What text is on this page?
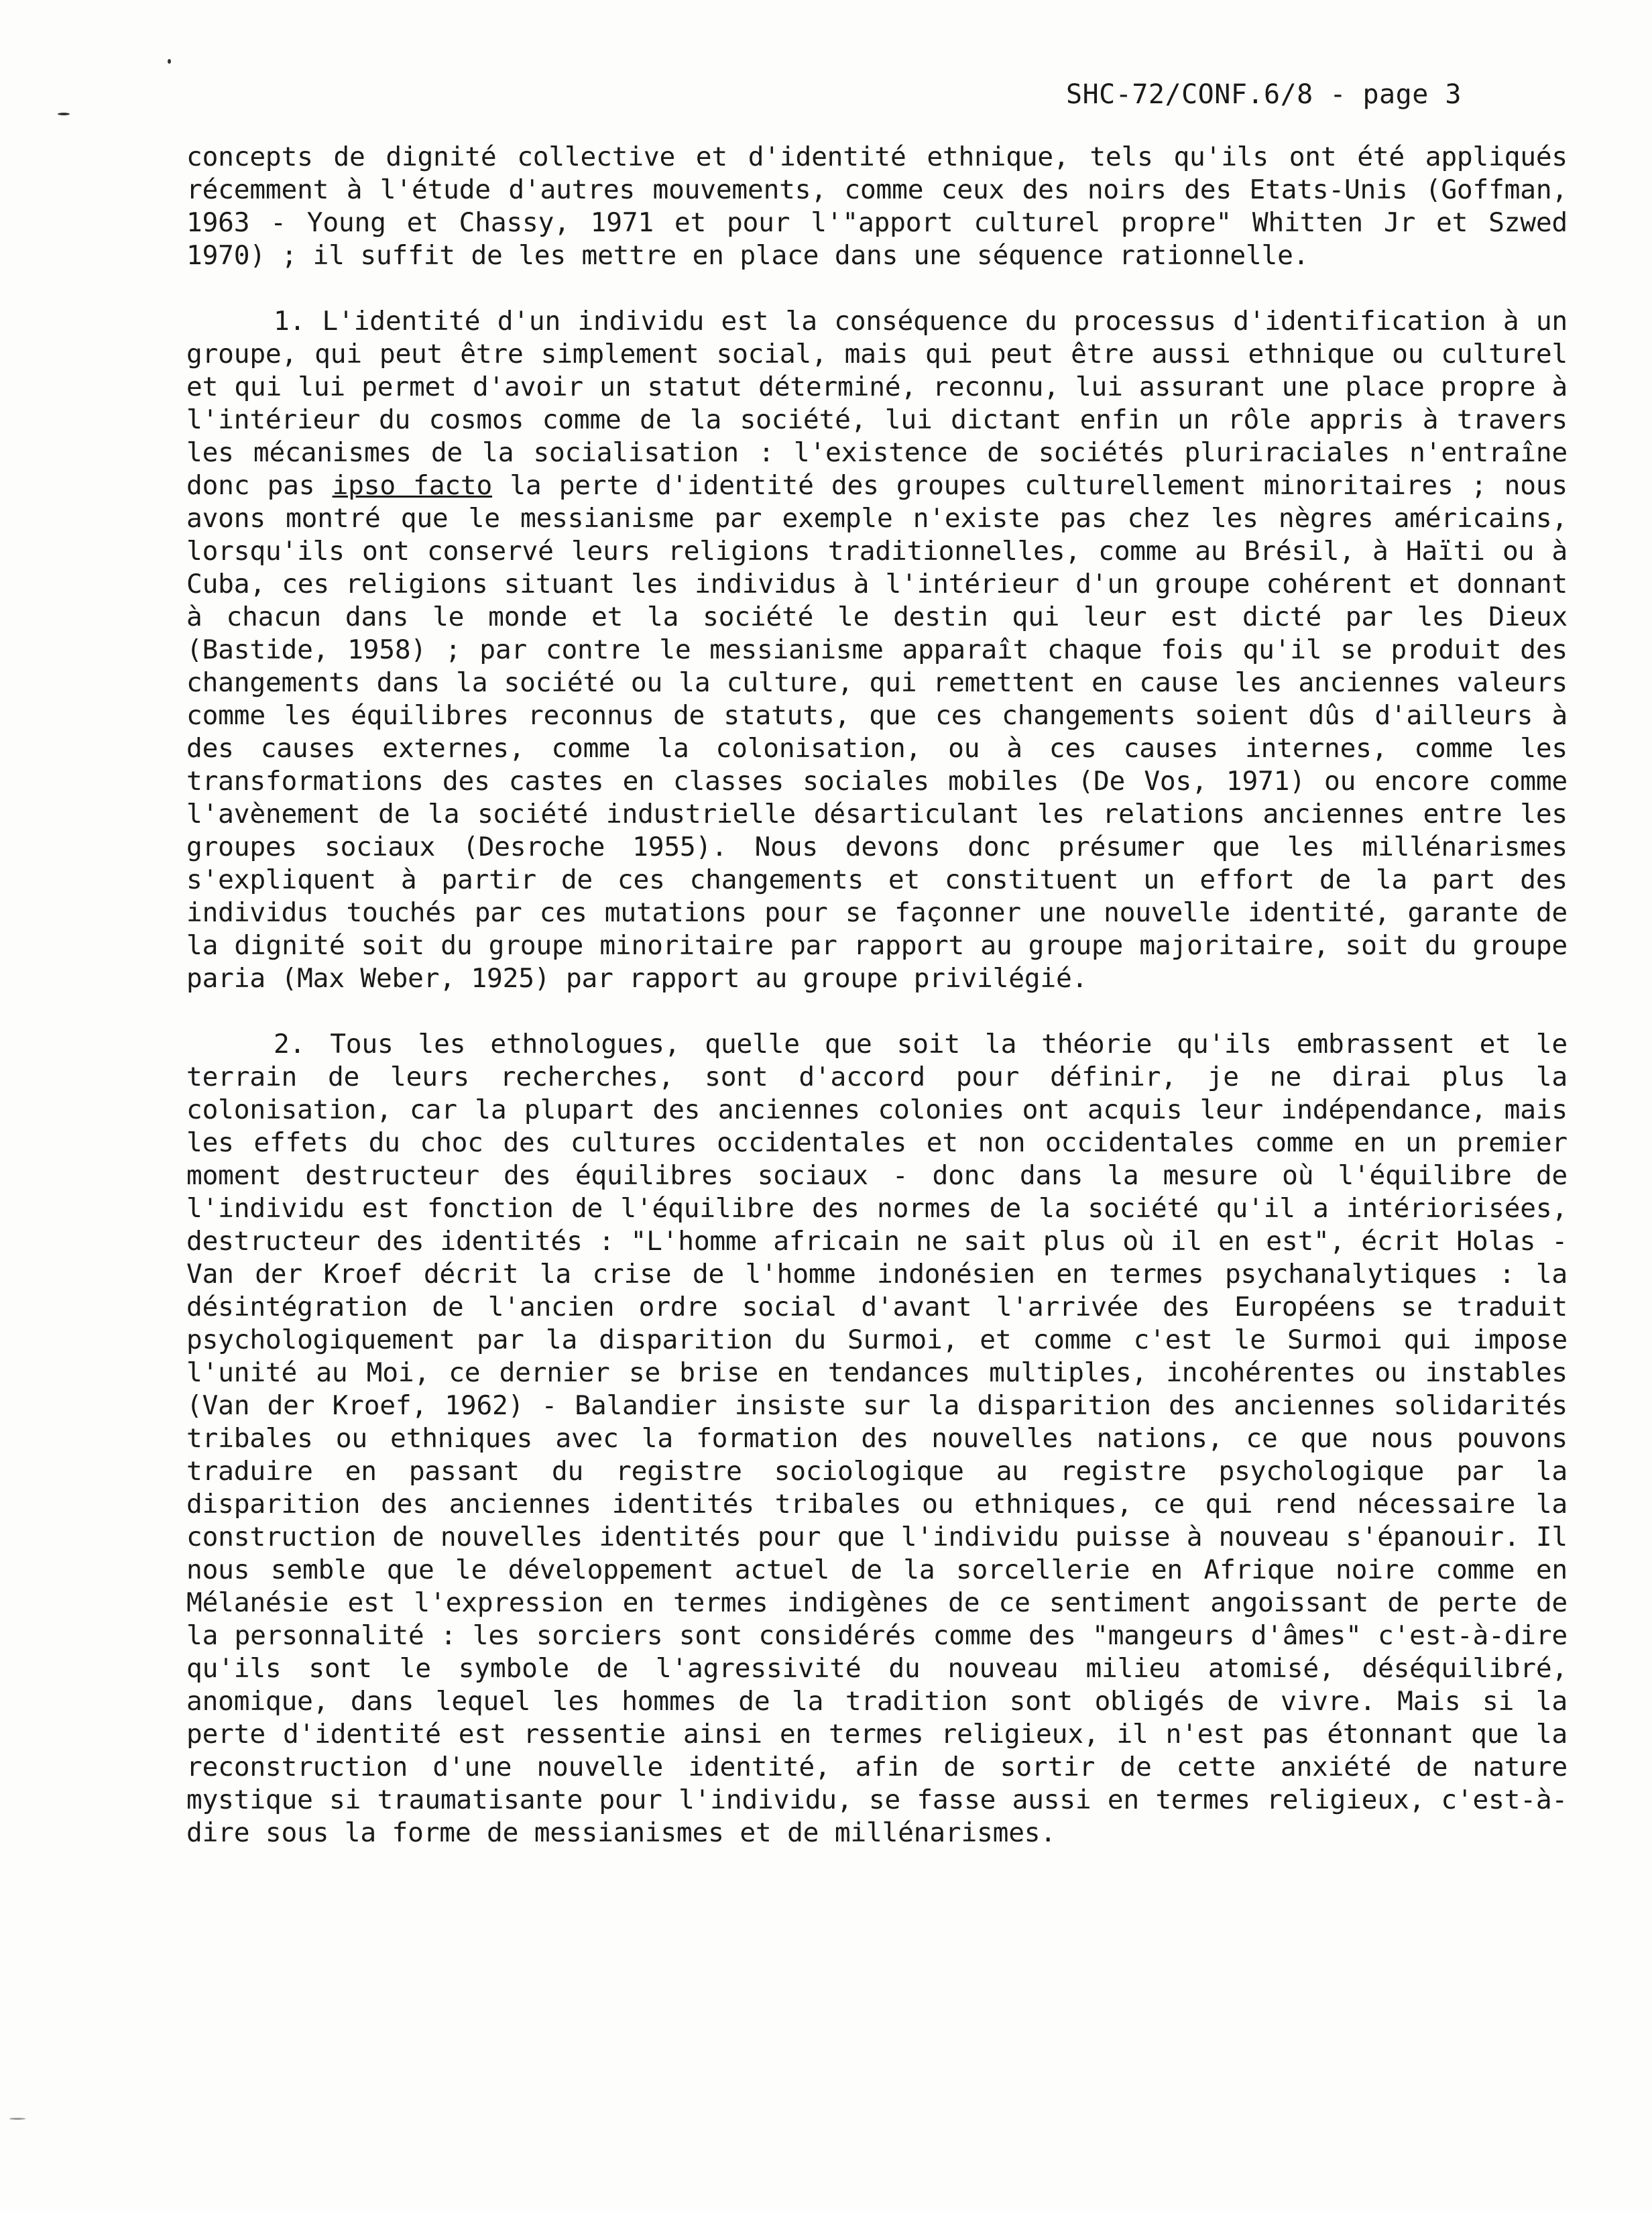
SHC-72/CONF.6/8 - page 3

concepts de dignité collective et d'identité ethnique, tels qu'ils ont été appliqués récemment à l'étude d'autres mouvements, comme ceux des noirs des Etats-Unis (Goffman, 1963 - Young et Chassy, 1971 et pour l'"apport culturel propre" Whitten Jr et Szwed 1970) ; il suffit de les mettre en place dans une séquence rationnelle.

1. L'identité d'un individu est la conséquence du processus d'identification à un groupe, qui peut être simplement social, mais qui peut être aussi ethnique ou culturel et qui lui permet d'avoir un statut déterminé, reconnu, lui assurant une place propre à l'intérieur du cosmos comme de la société, lui dictant enfin un rôle appris à travers les mécanismes de la socialisation : l'existence de sociétés pluriraciales n'entraîne donc pas ipso facto la perte d'identité des groupes culturellement minoritaires ; nous avons montré que le messianisme par exemple n'existe pas chez les nègres américains, lorsqu'ils ont conservé leurs religions traditionnelles, comme au Brésil, à Haïti ou à Cuba, ces religions situant les individus à l'intérieur d'un groupe cohérent et donnant à chacun dans le monde et la société le destin qui leur est dicté par les Dieux (Bastide, 1958) ; par contre le messianisme apparaît chaque fois qu'il se produit des changements dans la société ou la culture, qui remettent en cause les anciennes valeurs comme les équilibres reconnus de statuts, que ces changements soient dûs d'ailleurs à des causes externes, comme la colonisation, ou à ces causes internes, comme les transformations des castes en classes sociales mobiles (De Vos, 1971) ou encore comme l'avènement de la société industrielle désarticulant les relations anciennes entre les groupes sociaux (Desroche 1955). Nous devons donc présumer que les millénarismes s'expliquent à partir de ces changements et constituent un effort de la part des individus touchés par ces mutations pour se façonner une nouvelle identité, garante de la dignité soit du groupe minoritaire par rapport au groupe majoritaire, soit du groupe paria (Max Weber, 1925) par rapport au groupe privilégié.

2. Tous les ethnologues, quelle que soit la théorie qu'ils embrassent et le terrain de leurs recherches, sont d'accord pour définir, je ne dirai plus la colonisation, car la plupart des anciennes colonies ont acquis leur indépendance, mais les effets du choc des cultures occidentales et non occidentales comme en un premier moment destructeur des équilibres sociaux - donc dans la mesure où l'équilibre de l'individu est fonction de l'équilibre des normes de la société qu'il a intériorisées, destructeur des identités : "L'homme africain ne sait plus où il en est", écrit Holas - Van der Kroef décrit la crise de l'homme indonésien en termes psychanalytiques : la désintégration de l'ancien ordre social d'avant l'arrivée des Européens se traduit psychologiquement par la disparition du Surmoi, et comme c'est le Surmoi qui impose l'unité au Moi, ce dernier se brise en tendances multiples, incohérentes ou instables (Van der Kroef, 1962) - Balandier insiste sur la disparition des anciennes solidarités tribales ou ethniques avec la formation des nouvelles nations, ce que nous pouvons traduire en passant du registre sociologique au registre psychologique par la disparition des anciennes identités tribales ou ethniques, ce qui rend nécessaire la construction de nouvelles identités pour que l'individu puisse à nouveau s'épanouir. Il nous semble que le développement actuel de la sorcellerie en Afrique noire comme en Mélanésie est l'expression en termes indigènes de ce sentiment angoissant de perte de la personnalité : les sorciers sont considérés comme des "mangeurs d'âmes" c'est-à-dire qu'ils sont le symbole de l'agressivité du nouveau milieu atomisé, déséquilibré, anomique, dans lequel les hommes de la tradition sont obligés de vivre. Mais si la perte d'identité est ressentie ainsi en termes religieux, il n'est pas étonnant que la reconstruction d'une nouvelle identité, afin de sortir de cette anxiété de nature mystique si traumatisante pour l'individu, se fasse aussi en termes religieux, c'est-à-dire sous la forme de messianismes et de millénarismes.
